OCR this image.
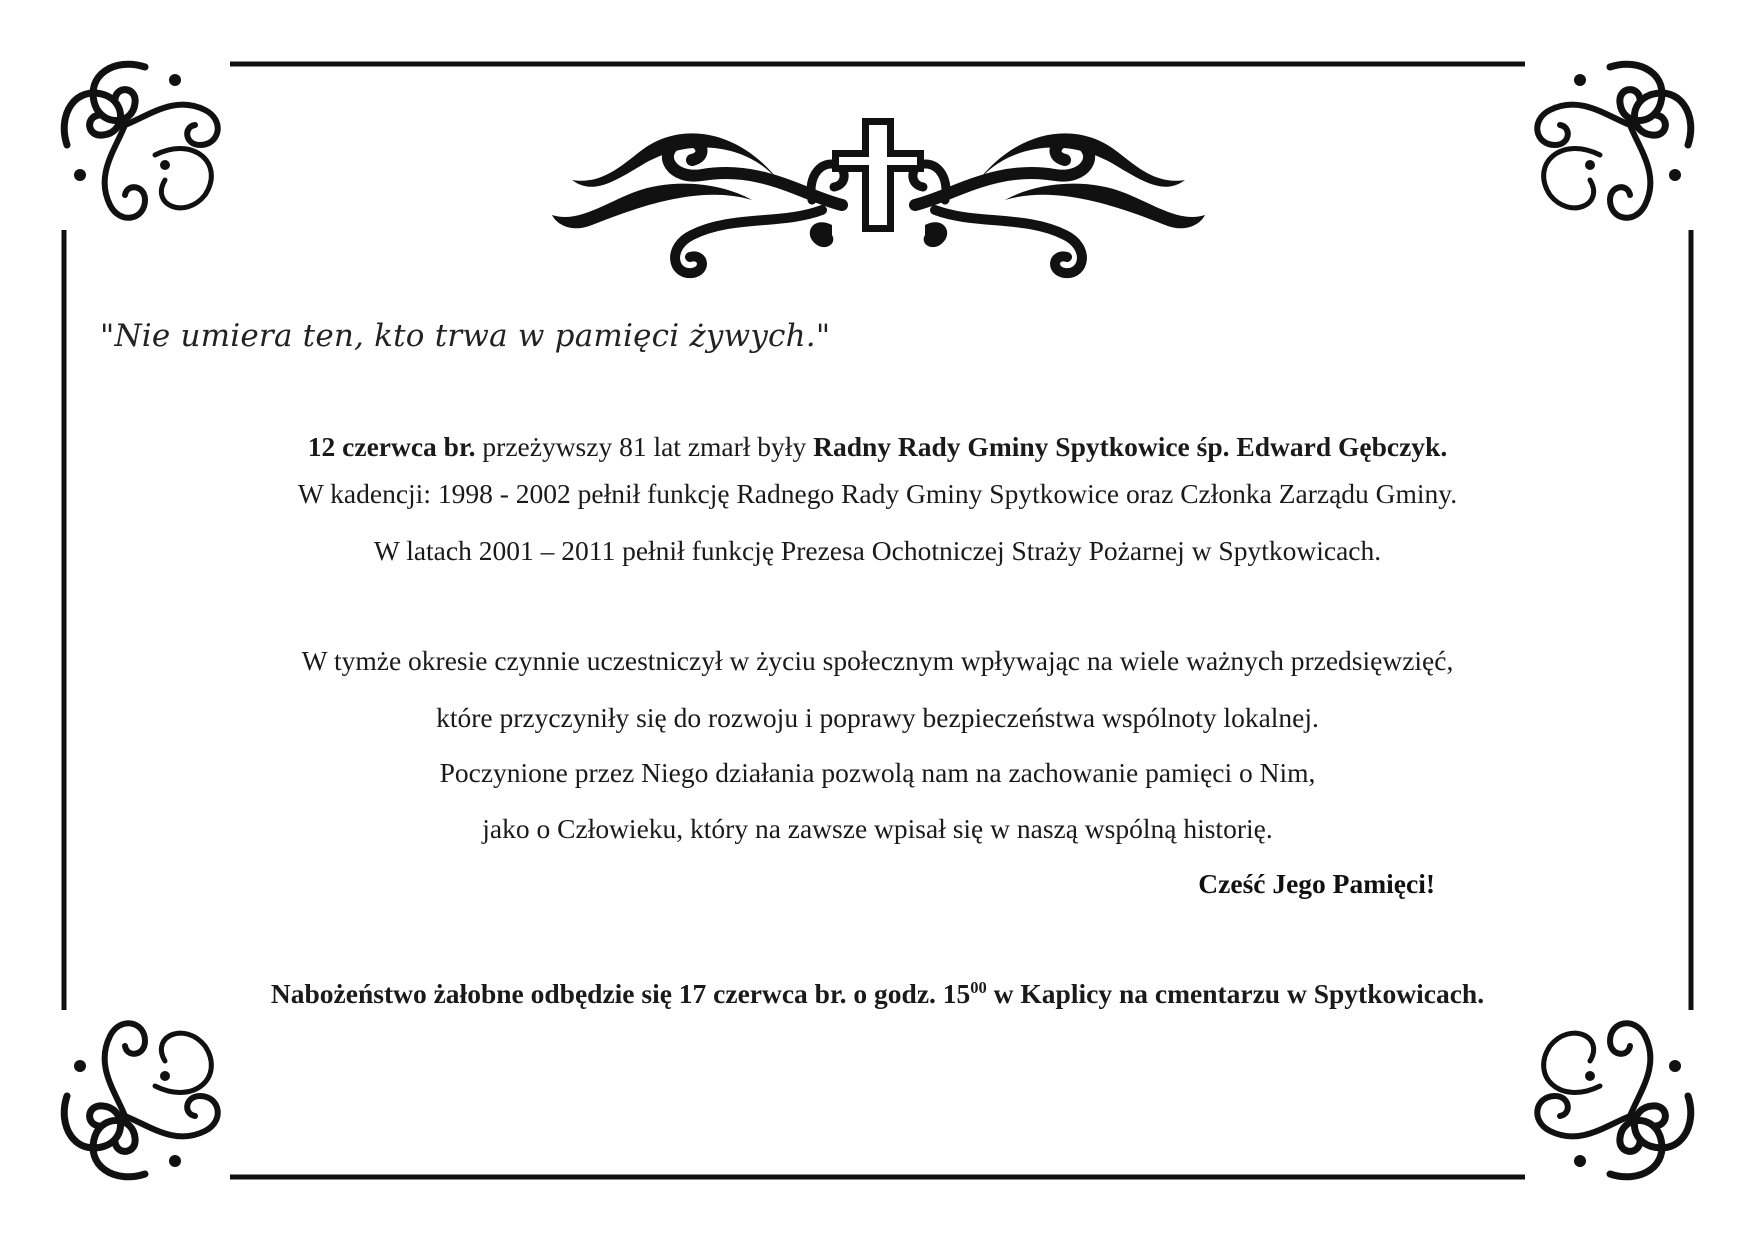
"Nie umiera ten, kto trwa w pamięci żywych."
12 czerwca br. przeżywszy 81 lat zmarł były Radny Rady Gminy Spytkowice śp. Edward Gębczyk.
W kadencji: 1998 - 2002 pełnił funkcję Radnego Rady Gminy Spytkowice oraz Członka Zarządu Gminy.
W latach 2001 – 2011 pełnił funkcję Prezesa Ochotniczej Straży Pożarnej w Spytkowicach.
W tymże okresie czynnie uczestniczył w życiu społecznym wpływając na wiele ważnych przedsięwzięć,
które przyczyniły się do rozwoju i poprawy bezpieczeństwa wspólnoty lokalnej.
Poczynione przez Niego działania pozwolą nam na zachowanie pamięci o Nim,
jako o Człowieku, który na zawsze wpisał się w naszą wspólną historię.
Cześć Jego Pamięci!
Nabożeństwo żałobne odbędzie się 17 czerwca br. o godz. $15^{00}$ w Kaplicy na cmentarzu w Spytkowicach.
